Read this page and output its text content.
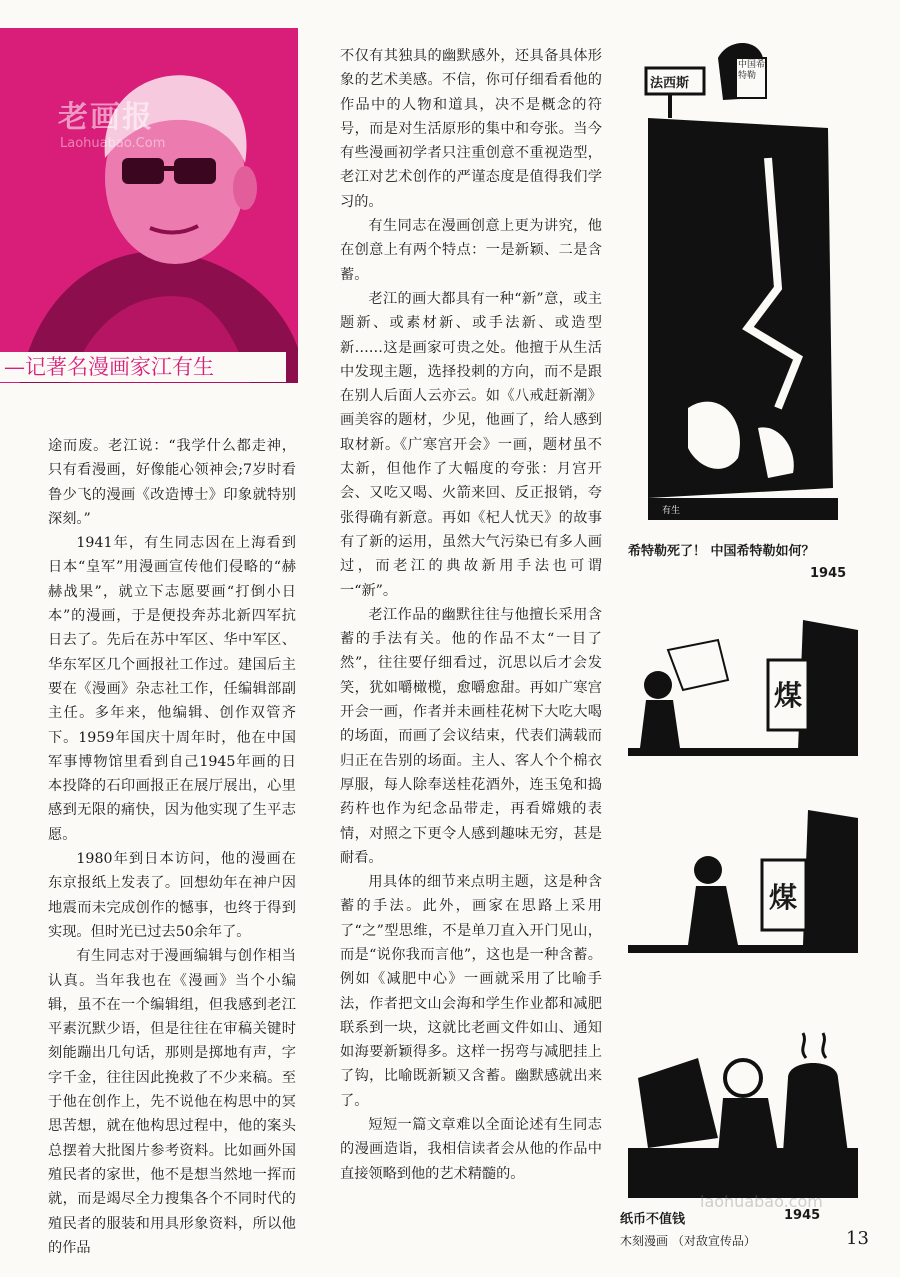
老画报
Laohuabao.Com
—记著名漫画家江有生

途而废。老江说：“我学什么都走神，只有看漫画，好像能心领神会;7岁时看鲁少飞的漫画《改造博士》印象就特别深刻。”

1941年，有生同志因在上海看到日本“皇军”用漫画宣传他们侵略的“赫赫战果”，就立下志愿要画“打倒小日本”的漫画，于是便投奔苏北新四军抗日去了。先后在苏中军区、华中军区、华东军区几个画报社工作过。建国后主要在《漫画》杂志社工作，任编辑部副主任。多年来，他编辑、创作双管齐下。1959年国庆十周年时，他在中国军事博物馆里看到自己1945年画的日本投降的石印画报正在展厅展出，心里感到无限的痛快，因为他实现了生平志愿。

1980年到日本访问，他的漫画在东京报纸上发表了。回想幼年在神户因地震而未完成创作的憾事，也终于得到实现。但时光已过去50余年了。

有生同志对于漫画编辑与创作相当认真。当年我也在《漫画》当个小编辑，虽不在一个编辑组，但我感到老江平素沉默少语，但是往往在审稿关键时刻能蹦出几句话，那则是掷地有声，字字千金，往往因此挽救了不少来稿。至于他在创作上，先不说他在构思中的冥思苦想，就在他构思过程中，他的案头总摆着大批图片参考资料。比如画外国殖民者的家世，他不是想当然地一挥而就，而是竭尽全力搜集各个不同时代的殖民者的服装和用具形象资料，所以他的作品

不仅有其独具的幽默感外，还具备具体形象的艺术美感。不信，你可仔细看看他的作品中的人物和道具，决不是概念的符号，而是对生活原形的集中和夸张。当今有些漫画初学者只注重创意不重视造型，老江对艺术创作的严谨态度是值得我们学习的。

有生同志在漫画创意上更为讲究，他在创意上有两个特点：一是新颖、二是含蓄。

老江的画大都具有一种“新”意，或主题新、或素材新、或手法新、或造型新……这是画家可贵之处。他擅于从生活中发现主题，选择投刺的方向，而不是跟在别人后面人云亦云。如《八戒赶新潮》画美容的题材，少见，他画了，给人感到取材新。《广寒宫开会》一画，题材虽不太新，但他作了大幅度的夸张：月宫开会、又吃又喝、火箭来回、反正报销，夸张得确有新意。再如《杞人忧天》的故事有了新的运用，虽然大气污染已有多人画过，而老江的典故新用手法也可谓一“新”。

老江作品的幽默往往与他擅长采用含蓄的手法有关。他的作品不太“一目了然”，往往要仔细看过，沉思以后才会发笑，犹如嚼橄榄，愈嚼愈甜。再如广寒宫开会一画，作者并未画桂花树下大吃大喝的场面，而画了会议结束，代表们满载而归正在告别的场面。主人、客人个个棉衣厚服，每人除奉送桂花酒外，连玉兔和捣药杵也作为纪念品带走，再看嫦娥的表情，对照之下更令人感到趣味无穷，甚是耐看。

用具体的细节来点明主题，这是种含蓄的手法。此外，画家在思路上采用了“之”型思维，不是单刀直入开门见山，而是“说你我而言他”，这也是一种含蓄。例如《减肥中心》一画就采用了比喻手法，作者把文山会海和学生作业都和减肥联系到一块，这就比老画文件如山、通知如海要新颖得多。这样一拐弯与减肥挂上了钩，比喻既新颖又含蓄。幽默感就出来了。

短短一篇文章难以全面论述有生同志的漫画造诣，我相信读者会从他的作品中直接领略到他的艺术精髓的。

法西斯
中国希特勒
有生
希特勒死了！ 中国希特勒如何？
1945
煤
煤
纸币不值钱	1945
laohuabao.com
木刻漫画 （对敌宣传品）	13
